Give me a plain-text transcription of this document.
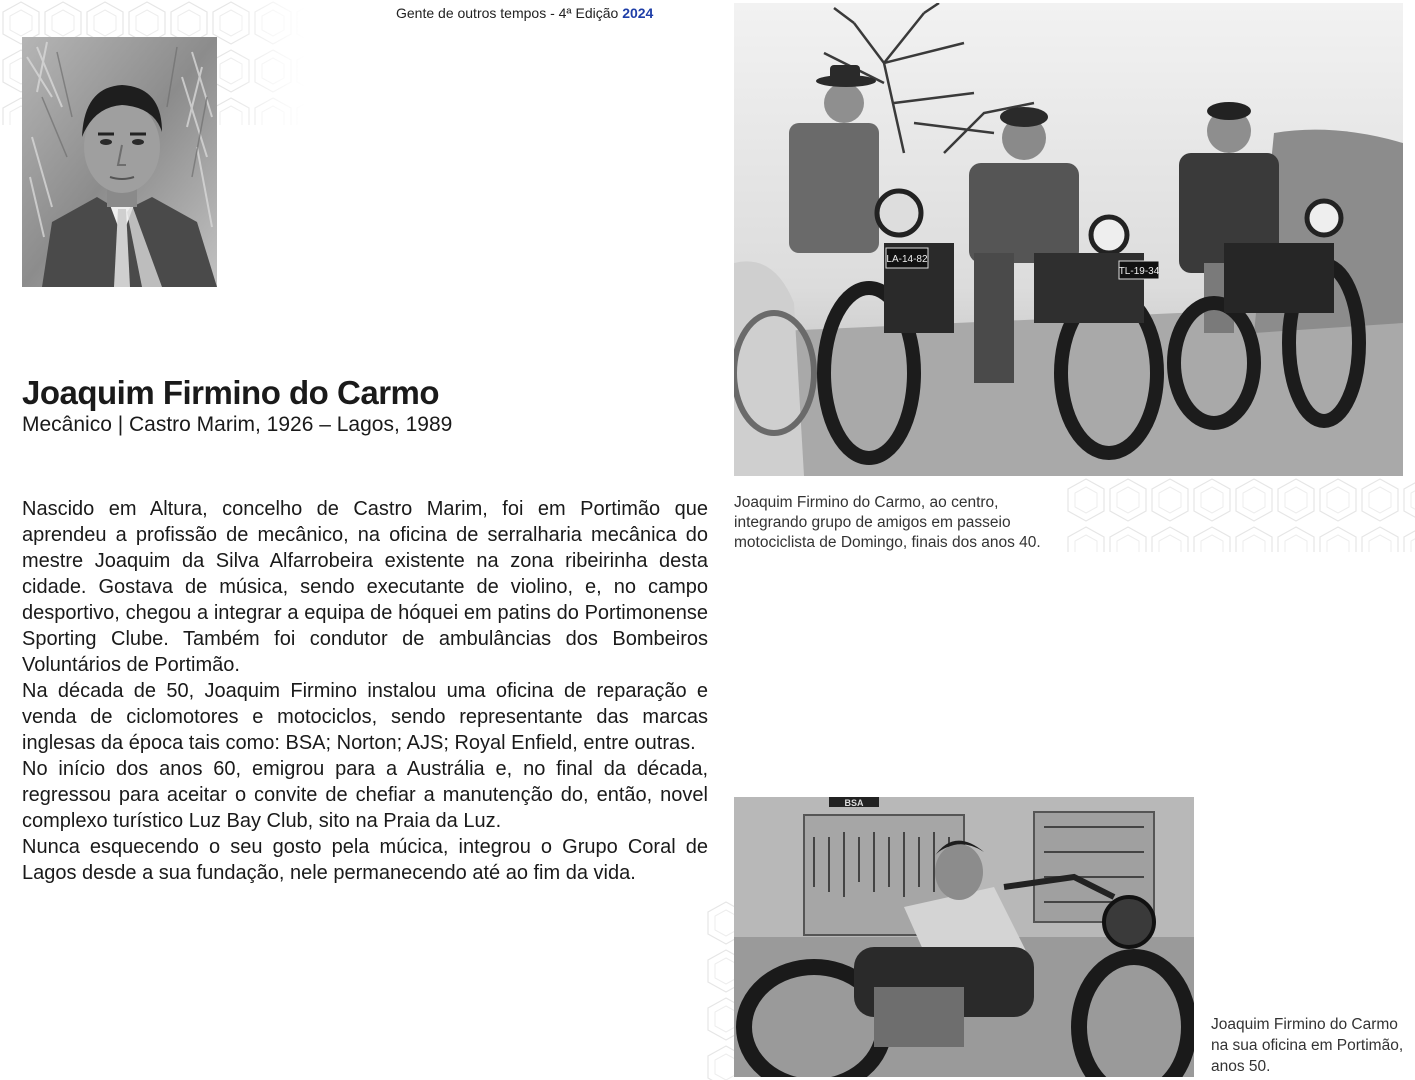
Gente de outros tempos - 4ª Edição 2024
Joaquim Firmino do Carmo
Mecânico | Castro Marim, 1926 – Lagos, 1989

Nascido em Altura, concelho de Castro Marim, foi em Portimão que aprendeu a profissão de mecânico, na oficina de serralharia mecânica do mestre Joaquim da Silva Alfarrobeira existente na zona ribeirinha desta cidade. Gostava de música, sendo executante de violino, e, no campo desportivo, chegou a integrar a equipa de hóquei em patins do Portimonense Sporting Clube. Também foi condutor de ambulâncias dos Bombeiros Voluntários de Portimão.

Na década de 50, Joaquim Firmino instalou uma oficina de reparação e venda de ciclomotores e motociclos, sendo representante das marcas inglesas da época tais como: BSA; Norton; AJS; Royal Enfield, entre outras.

No início dos anos 60, emigrou para a Austrália e, no final da década, regressou para aceitar o convite de chefiar a manutenção do, então, novel complexo turístico Luz Bay Club, sito na Praia da Luz.

Nunca esquecendo o seu gosto pela múcica, integrou o Grupo Coral de Lagos desde a sua fundação, nele permanecendo até ao fim da vida.

LA-14-82
TL-19-34
Joaquim Firmino do Carmo, ao centro, integrando grupo de amigos em passeio motociclista de Domingo, finais dos anos 40.
BSA
Joaquim Firmino do Carmo na sua oficina em Portimão, anos 50.
